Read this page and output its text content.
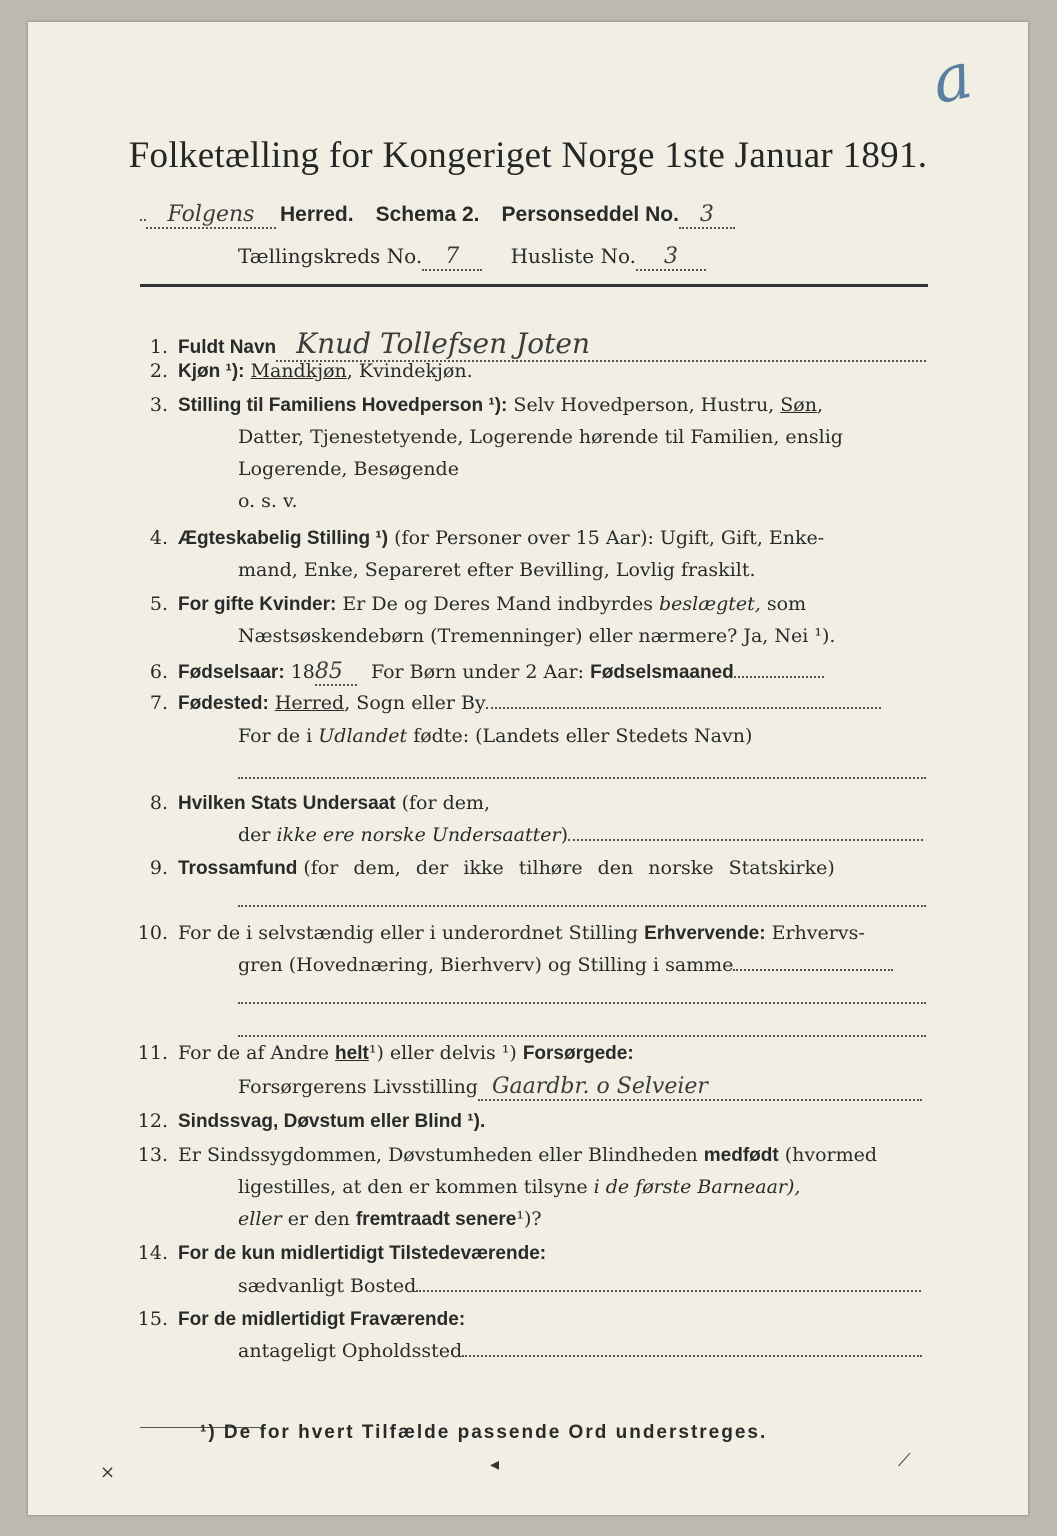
a
Folketælling for Kongeriget Norge 1ste Januar 1891.
Folgens Herred. Schema 2. Personseddel No. 3
Tællingskreds No. 7	Husliste No. 3
1. Fuldt Navn Knud Tollefsen Joten
2. Kjøn ¹): Mandkjøn, Kvindekjøn.
3. Stilling til Familiens Hovedperson ¹): Selv Hovedperson, Hustru, Søn,
Datter, Tjenestetyende, Logerende hørende til Familien, enslig
Logerende, Besøgende
o. s. v.
4. Ægteskabelig Stilling ¹) (for Personer over 15 Aar): Ugift, Gift, Enke-
mand, Enke, Separeret efter Bevilling, Lovlig fraskilt.
5. For gifte Kvinder: Er De og Deres Mand indbyrdes beslægtet, som
Næstsøskendebørn (Tremenninger) eller nærmere? Ja, Nei ¹).
6. Fødselsaar: 1885 For Børn under 2 Aar: Fødselsmaaned
7. Fødested: Herred, Sogn eller By
For de i Udlandet fødte: (Landets eller Stedets Navn)
8. Hvilken Stats Undersaat (for dem,
der ikke ere norske Undersaatter)
9. Trossamfund (for dem, der ikke tilhøre den norske Statskirke)
10. For de i selvstændig eller i underordnet Stilling Erhvervende: Erhvervs-
gren (Hovednæring, Bierhverv) og Stilling i samme
11. For de af Andre helt¹) eller delvis ¹) Forsørgede:
Forsørgerens Livsstilling Gaardbr. o Selveier
12. Sindssvag, Døvstum eller Blind ¹).
13. Er Sindssygdommen, Døvstumheden eller Blindheden medfødt (hvormed
ligestilles, at den er kommen tilsyne i de første Barneaar),
eller er den fremtraadt senere¹)?
14. For de kun midlertidigt Tilstedeværende:
sædvanligt Bosted
15. For de midlertidigt Fraværende:
antageligt Opholdssted
¹) De for hvert Tilfælde passende Ord understreges.
⨯	◂	⟋
